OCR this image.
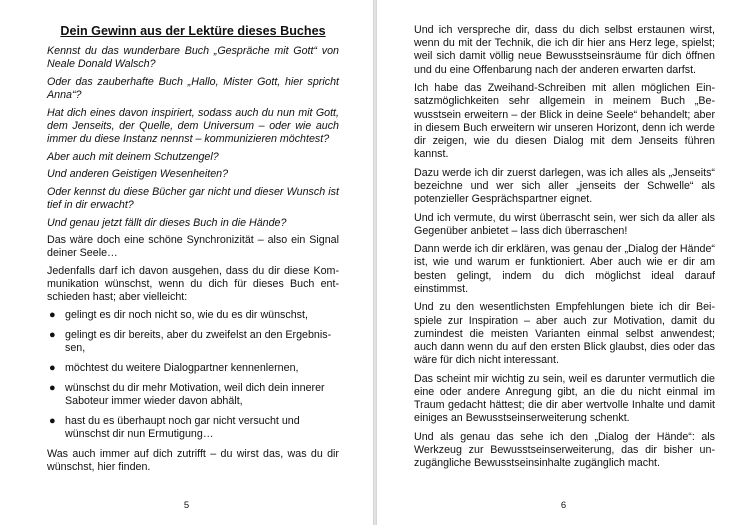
Dein Gewinn aus der Lektüre dieses Buches

Kennst du das wunderbare Buch „Gespräche mit Gott“ von Neale Donald Walsch?

Oder das zauberhafte Buch „Hallo, Mister Gott, hier spricht Anna“?

Hat dich eines davon inspiriert, sodass auch du nun mit Gott, dem Jenseits, der Quelle, dem Universum – oder wie auch immer du diese Instanz nennst – kommunizieren möchtest?

Aber auch mit deinem Schutzengel?

Und anderen Geistigen Wesenheiten?

Oder kennst du diese Bücher gar nicht und dieser Wunsch ist tief in dir erwacht?

Und genau jetzt fällt dir dieses Buch in die Hände?

Das wäre doch eine schöne Synchronizität – also ein Signal deiner Seele…

Jedenfalls darf ich davon ausgehen, dass du dir diese Kommunikation wünschst, wenn du dich für dieses Buch entschieden hast; aber vielleicht:

● gelingt es dir noch nicht so, wie du es dir wünschst,
● gelingt es dir bereits, aber du zweifelst an den Ergebnissen,
● möchtest du weitere Dialogpartner kennenlernen,
● wünschst du dir mehr Motivation, weil dich dein innerer Saboteur immer wieder davon abhält,
● hast du es überhaupt noch gar nicht versucht und wünschst dir nun Ermutigung…

Was auch immer auf dich zutrifft – du wirst das, was du dir wünschst, hier finden.

5

Und ich verspreche dir, dass du dich selbst erstaunen wirst, wenn du mit der Technik, die ich dir hier ans Herz lege, spielst; weil sich damit völlig neue Bewusstseinsräume für dich öffnen und du eine Offenbarung nach der anderen erwarten darfst.

Ich habe das Zweihand-Schreiben mit allen möglichen Einsatzmöglichkeiten sehr allgemein in meinem Buch „Bewusstsein erweitern – der Blick in deine Seele“ behandelt; aber in diesem Buch erweitern wir unseren Horizont, denn ich werde dir zeigen, wie du diesen Dialog mit dem Jenseits führen kannst.

Dazu werde ich dir zuerst darlegen, was ich alles als „Jenseits“ bezeichne und wer sich aller „jenseits der Schwelle“ als potenzieller Gesprächspartner eignet.

Und ich vermute, du wirst überrascht sein, wer sich da aller als Gegenüber anbietet – lass dich überraschen!

Dann werde ich dir erklären, was genau der „Dialog der Hände“ ist, wie und warum er funktioniert. Aber auch wie er dir am besten gelingt, indem du dich möglichst ideal darauf einstimmst.

Und zu den wesentlichsten Empfehlungen biete ich dir Beispiele zur Inspiration – aber auch zur Motivation, damit du zumindest die meisten Varianten einmal selbst anwendest; auch dann wenn du auf den ersten Blick glaubst, dies oder das wäre für dich nicht interessant.

Das scheint mir wichtig zu sein, weil es darunter vermutlich die eine oder andere Anregung gibt, an die du nicht einmal im Traum gedacht hättest; die dir aber wertvolle Inhalte und damit einiges an Bewusstseinserweiterung schenkt.

Und als genau das sehe ich den „Dialog der Hände“: als Werkzeug zur Bewusstseinserweiterung, das dir bisher unzugängliche Bewusstseinsinhalte zugänglich macht.

6
